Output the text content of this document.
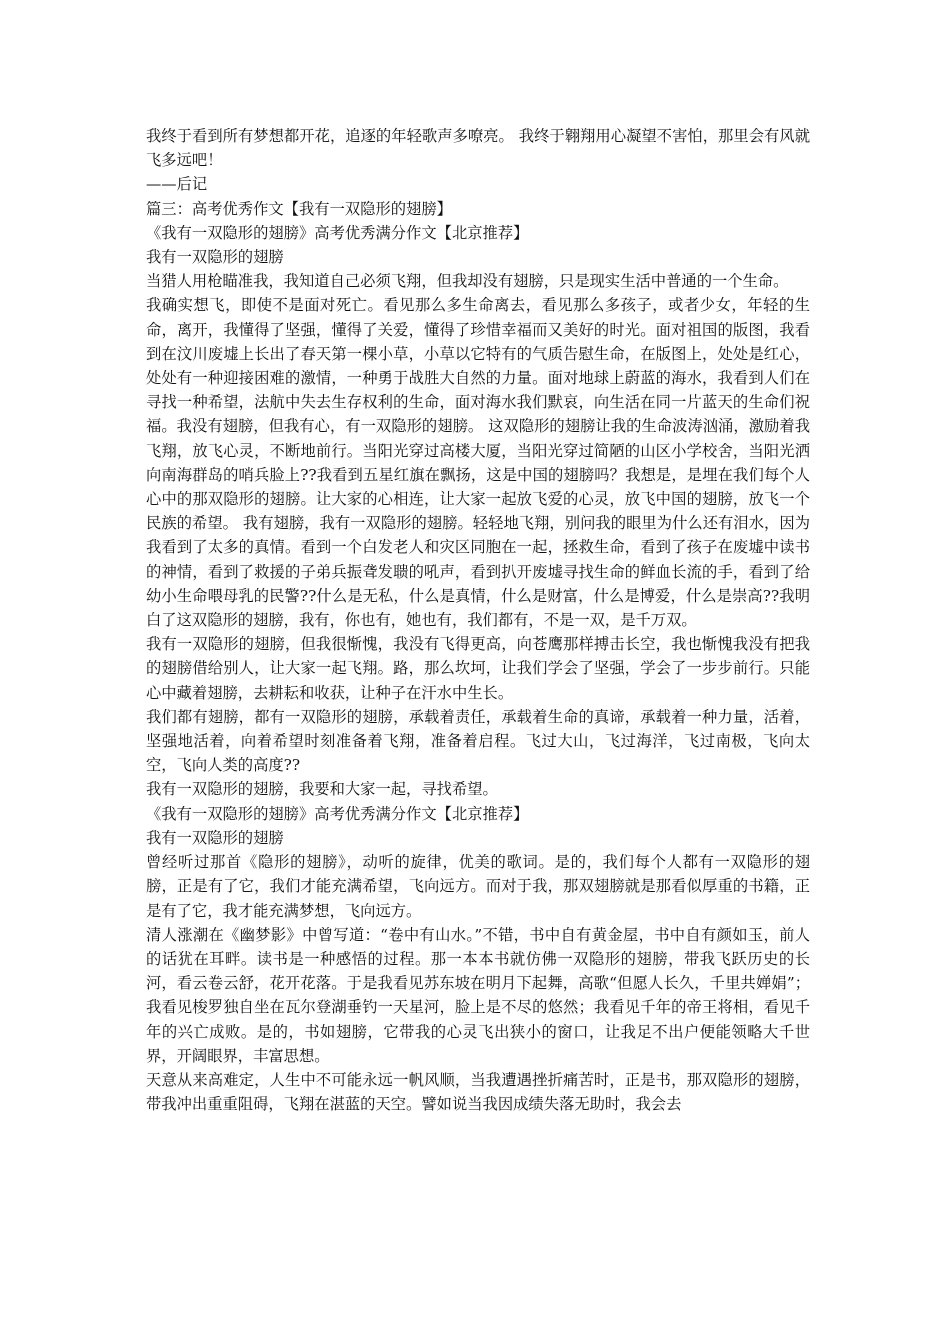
我终于看到所有梦想都开花，追逐的年轻歌声多嘹亮。 我终于翱翔用心凝望不害怕，那里会有风就飞多远吧！

——后记

篇三：高考优秀作文【我有一双隐形的翅膀】

《我有一双隐形的翅膀》高考优秀满分作文【北京推荐】

我有一双隐形的翅膀

当猎人用枪瞄准我，我知道自己必须飞翔，但我却没有翅膀，只是现实生活中普通的一个生命。

我确实想飞，即使不是面对死亡。看见那么多生命离去，看见那么多孩子，或者少女，年轻的生命，离开，我懂得了坚强，懂得了关爱，懂得了珍惜幸福而又美好的时光。面对祖国的版图，我看到在汶川废墟上长出了春天第一棵小草，小草以它特有的气质告慰生命，在版图上，处处是红心，处处有一种迎接困难的激情，一种勇于战胜大自然的力量。面对地球上蔚蓝的海水，我看到人们在寻找一种希望，法航中失去生存权利的生命，面对海水我们默哀，向生活在同一片蓝天的生命们祝福。我没有翅膀，但我有心，有一双隐形的翅膀。 这双隐形的翅膀让我的生命波涛汹涌，激励着我飞翔，放飞心灵，不断地前行。当阳光穿过高楼大厦，当阳光穿过简陋的山区小学校舍，当阳光洒向南海群岛的哨兵脸上??我看到五星红旗在飘扬，这是中国的翅膀吗？我想是，是埋在我们每个人心中的那双隐形的翅膀。让大家的心相连，让大家一起放飞爱的心灵，放飞中国的翅膀，放飞一个民族的希望。 我有翅膀，我有一双隐形的翅膀。轻轻地飞翔，别问我的眼里为什么还有泪水，因为我看到了太多的真情。看到一个白发老人和灾区同胞在一起，拯救生命，看到了孩子在废墟中读书的神情，看到了救援的子弟兵振聋发聩的吼声，看到扒开废墟寻找生命的鲜血长流的手，看到了给幼小生命喂母乳的民警??什么是无私，什么是真情，什么是财富，什么是博爱，什么是崇高??我明白了这双隐形的翅膀，我有，你也有，她也有，我们都有，不是一双，是千万双。

我有一双隐形的翅膀，但我很惭愧，我没有飞得更高，向苍鹰那样搏击长空，我也惭愧我没有把我的翅膀借给别人，让大家一起飞翔。路，那么坎坷，让我们学会了坚强，学会了一步步前行。只能心中藏着翅膀，去耕耘和收获，让种子在汗水中生长。

我们都有翅膀，都有一双隐形的翅膀，承载着责任，承载着生命的真谛，承载着一种力量，活着，坚强地活着，向着希望时刻准备着飞翔，准备着启程。飞过大山，飞过海洋，飞过南极，飞向太空，飞向人类的高度??

我有一双隐形的翅膀，我要和大家一起，寻找希望。

《我有一双隐形的翅膀》高考优秀满分作文【北京推荐】

我有一双隐形的翅膀

曾经听过那首《隐形的翅膀》，动听的旋律，优美的歌词。是的，我们每个人都有一双隐形的翅膀，正是有了它，我们才能充满希望，飞向远方。而对于我，那双翅膀就是那看似厚重的书籍，正是有了它，我才能充满梦想，飞向远方。

清人涨潮在《幽梦影》中曾写道：“卷中有山水。”不错，书中自有黄金屋，书中自有颜如玉，前人的话犹在耳畔。读书是一种感悟的过程。那一本本书就仿佛一双隐形的翅膀，带我飞跃历史的长河，看云卷云舒，花开花落。于是我看见苏东坡在明月下起舞，高歌“但愿人长久，千里共婵娟”；我看见梭罗独自坐在瓦尔登湖垂钓一天星河，脸上是不尽的悠然；我看见千年的帝王将相，看见千年的兴亡成败。是的，书如翅膀，它带我的心灵飞出狭小的窗口，让我足不出户便能领略大千世界，开阔眼界，丰富思想。

天意从来高难定，人生中不可能永远一帆风顺，当我遭遇挫折痛苦时，正是书，那双隐形的翅膀，带我冲出重重阻碍，飞翔在湛蓝的天空。譬如说当我因成绩失落无助时，我会去
